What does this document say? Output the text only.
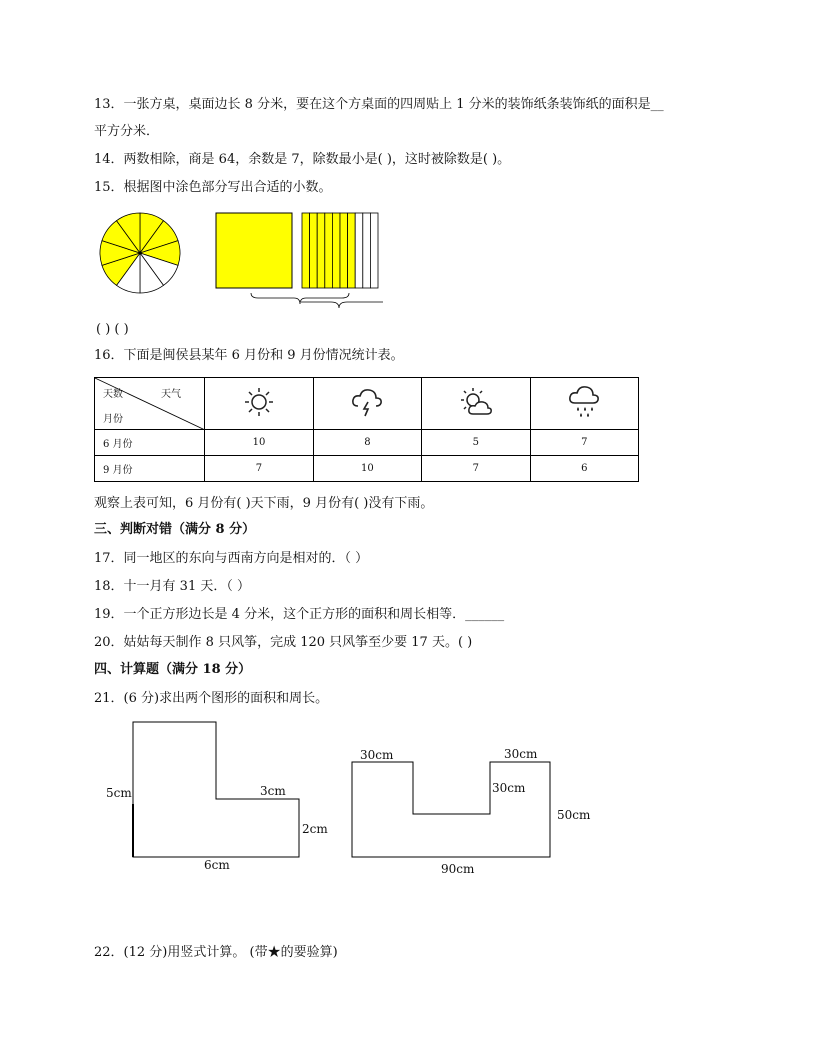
13．一张方桌，桌面边长 8 分米，要在这个方桌面的四周贴上 1 分米的装饰纸条装饰纸的面积是__
平方分米．
14．两数相除，商是 64，余数是 7，除数最小是( )，这时被除数是( )。
15．根据图中涂色部分写出合适的小数。
( ) ( )
16．下面是闽侯县某年 6 月份和 9 月份情况统计表。
天数 天气
月份

6 月份	10	8	5	7
9 月份	7	10	7	6
观察上表可知，6 月份有( )天下雨，9 月份有( )没有下雨。
三、判断对错（满分 8 分）
17．同一地区的东向与西南方向是相对的．（ ）
18．十一月有 31 天．（ ）
19．一个正方形边长是 4 分米，这个正方形的面积和周长相等．______
20．姑姑每天制作 8 只风筝，完成 120 只风筝至少要 17 天。( )
四、计算题（满分 18 分）
21．(6 分)求出两个图形的面积和周长。
5cm	3cm
2cm
6cm
30cm	30cm
30cm
50cm
90cm
22．(12 分)用竖式计算。 (带★的要验算)
